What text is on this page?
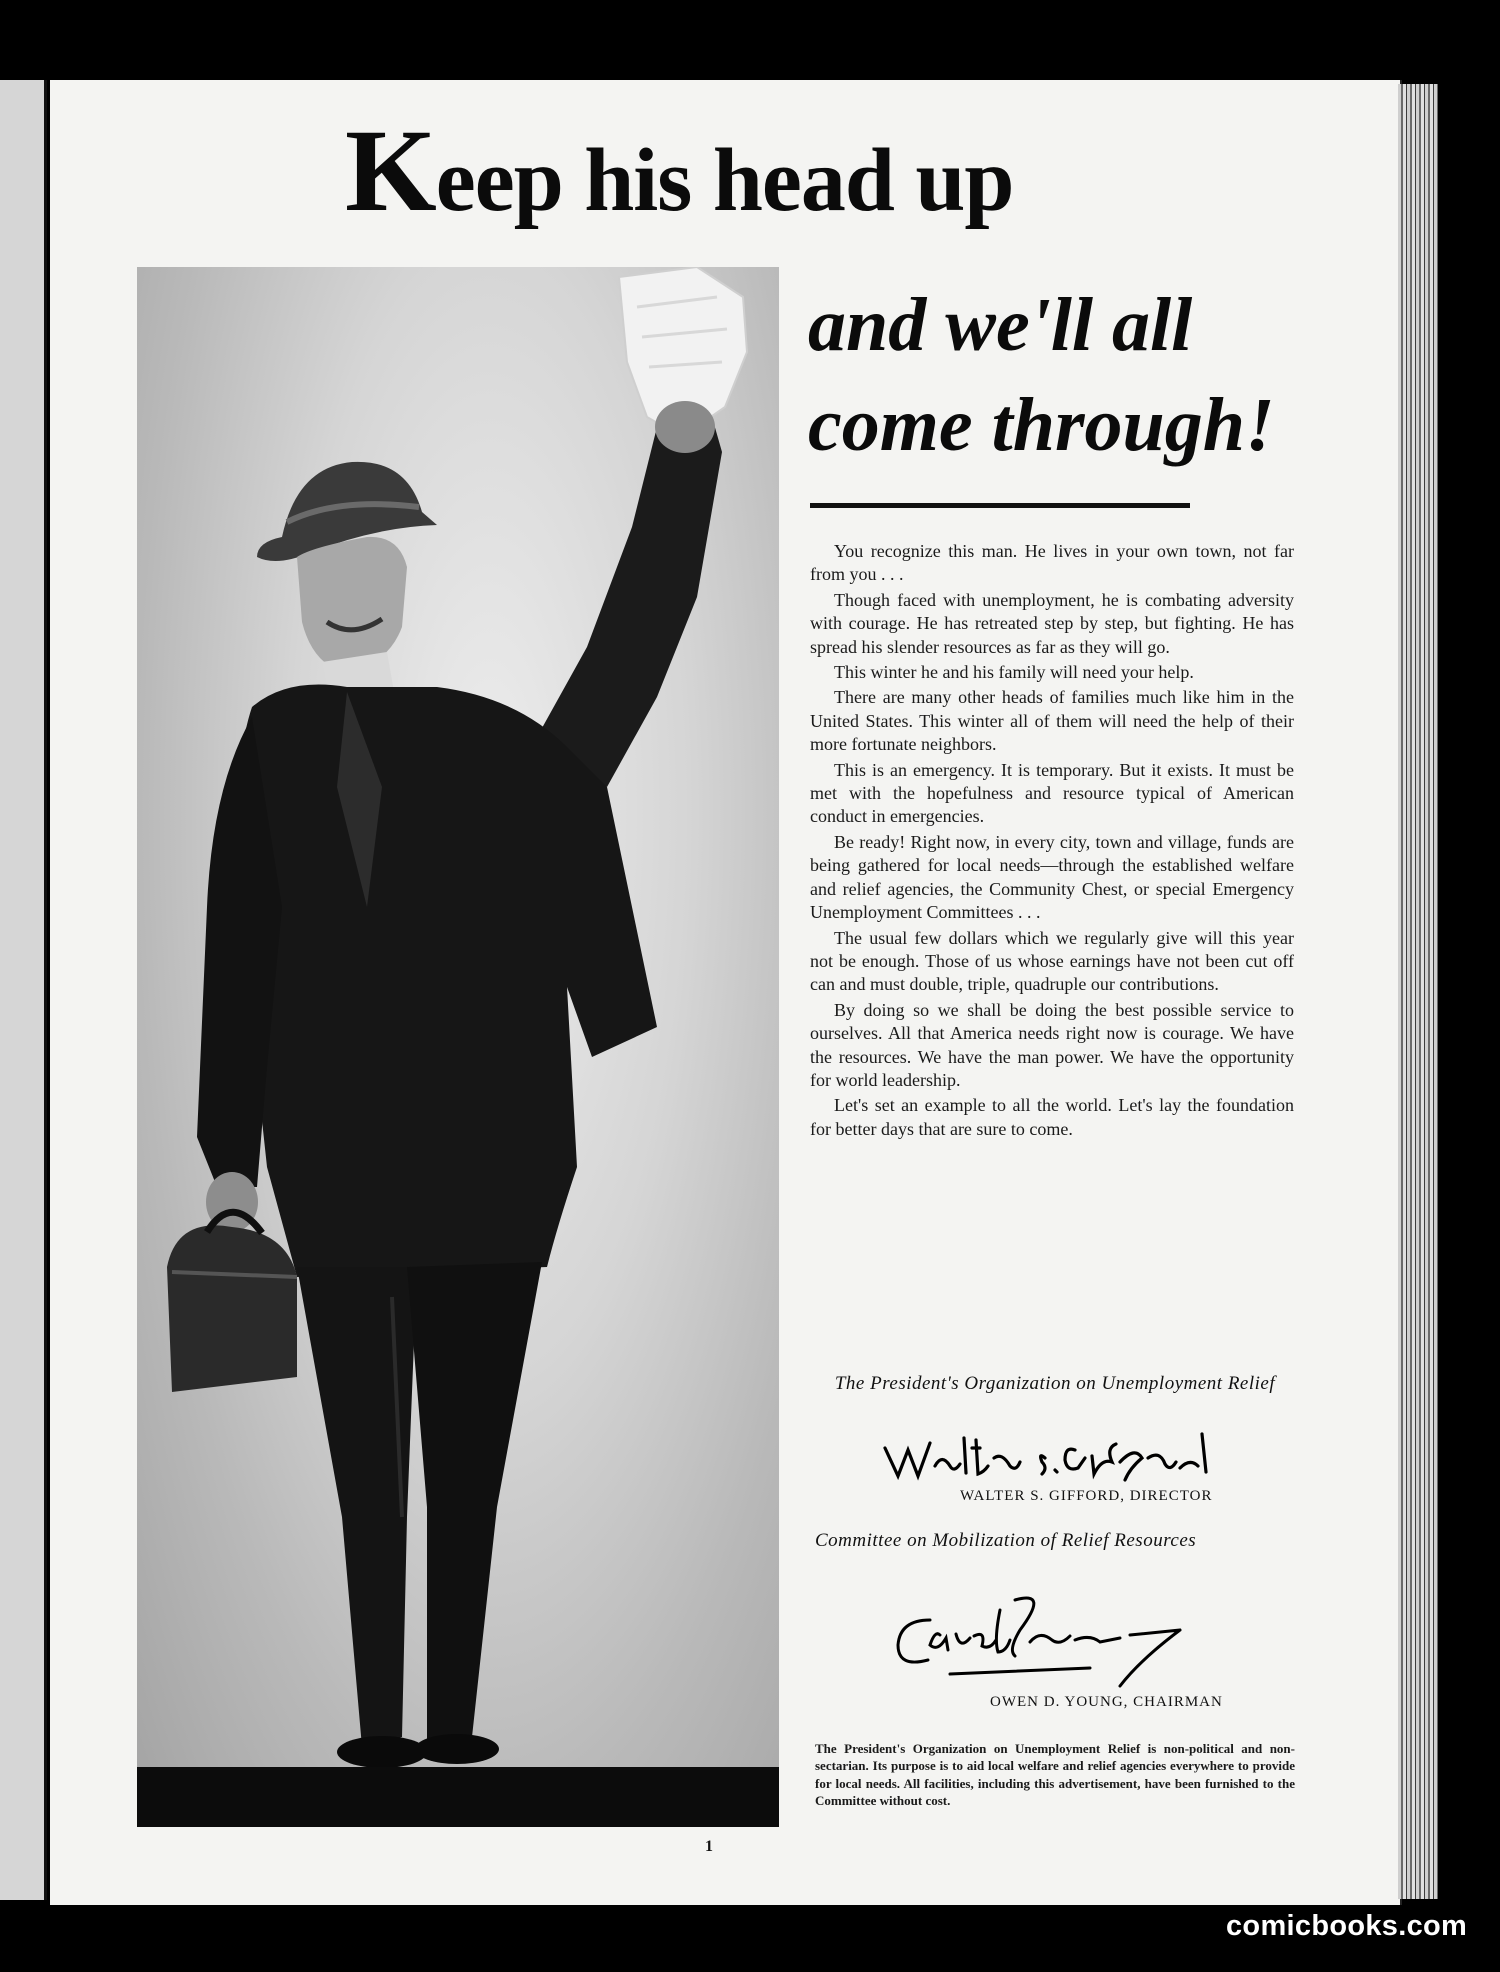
Keep his head up
and we'll all
come through!

You recognize this man. He lives in your own town, not far from you . . .

Though faced with unemployment, he is combating adversity with courage. He has retreated step by step, but fighting. He has spread his slender resources as far as they will go.

This winter he and his family will need your help.

There are many other heads of families much like him in the United States. This winter all of them will need the help of their more fortunate neighbors.

This is an emergency. It is temporary. But it exists. It must be met with the hopefulness and resource typical of American conduct in emergencies.

Be ready! Right now, in every city, town and village, funds are being gathered for local needs—through the established welfare and relief agencies, the Community Chest, or special Emergency Unemployment Committees . . .

The usual few dollars which we regularly give will this year not be enough. Those of us whose earnings have not been cut off can and must double, triple, quadruple our contributions.

By doing so we shall be doing the best possible service to ourselves. All that America needs right now is courage. We have the resources. We have the man power. We have the opportunity for world leadership.

Let's set an example to all the world. Let's lay the foundation for better days that are sure to come.

The President's Organization on Unemployment Relief
WALTER S. GIFFORD, DIRECTOR
Committee on Mobilization of Relief Resources
OWEN D. YOUNG, CHAIRMAN
The President's Organization on Unemployment Relief is non-political and non-sectarian. Its purpose is to aid local welfare and relief agencies everywhere to provide for local needs. All facilities, including this advertisement, have been furnished to the Committee without cost.
1
comicbooks.com
